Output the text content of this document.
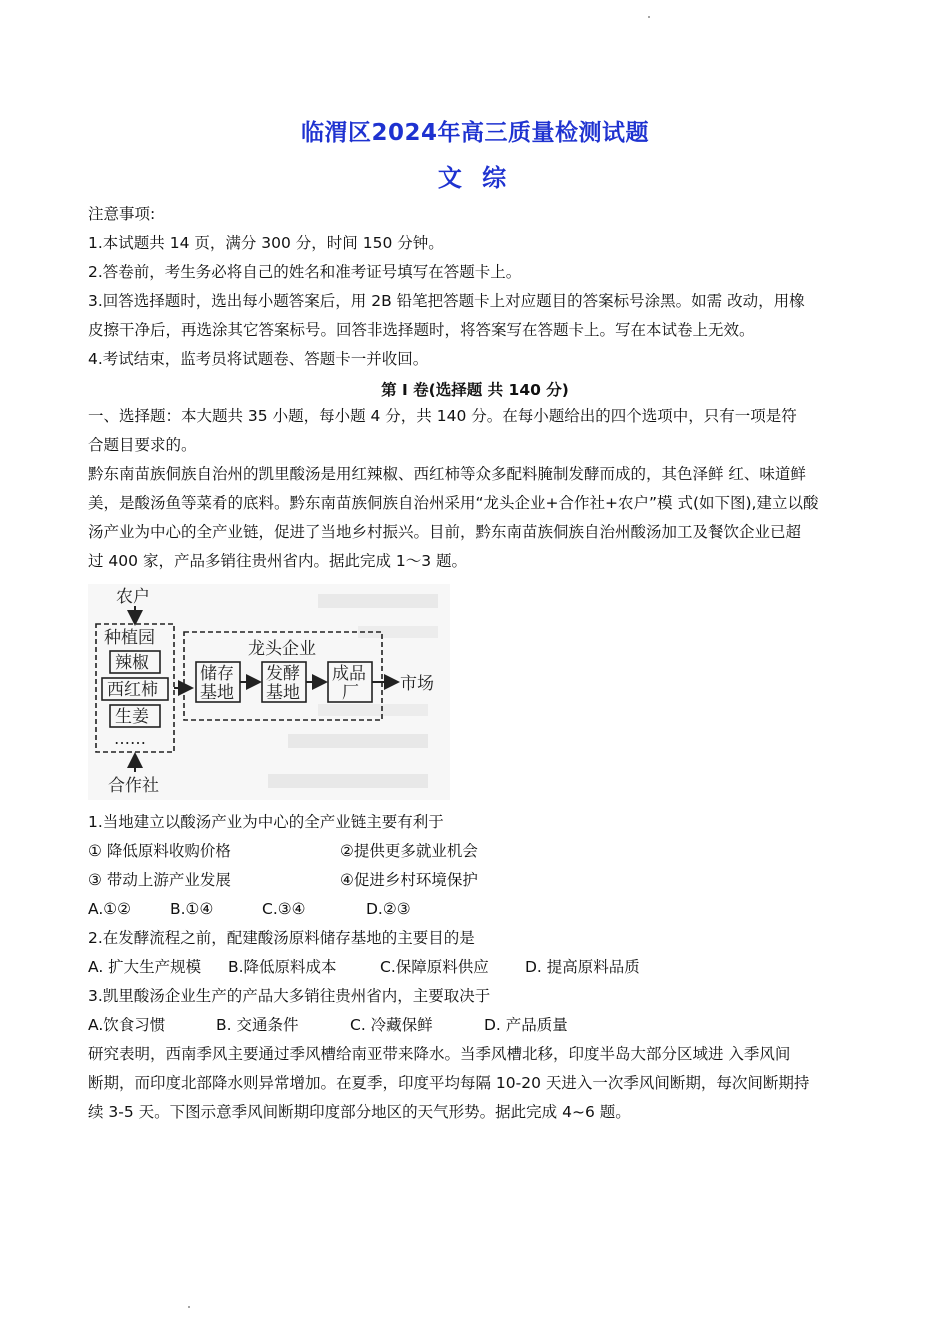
临渭区2024年高三质量检测试题
文 综
注意事项:
1.本试题共 14 页，满分 300 分，时间 150 分钟。
2.答卷前，考生务必将自己的姓名和准考证号填写在答题卡上。
3.回答选择题时，选出每小题答案后，用 2B 铅笔把答题卡上对应题目的答案标号涂黑。如需 改动，用橡
皮擦干净后，再选涂其它答案标号。回答非选择题时，将答案写在答题卡上。写在本试卷上无效。
4.考试结束，监考员将试题卷、答题卡一并收回。
第 Ⅰ 卷(选择题 共 140 分)
一、选择题：本大题共 35 小题，每小题 4 分，共 140 分。在每小题给出的四个选项中，只有一项是符
合题目要求的。
黔东南苗族侗族自治州的凯里酸汤是用红辣椒、西红柿等众多配料腌制发酵而成的，其色泽鲜 红、味道鲜
美，是酸汤鱼等菜肴的底料。黔东南苗族侗族自治州采用“龙头企业+合作社+农户”模 式(如下图),建立以酸
汤产业为中心的全产业链，促进了当地乡村振兴。目前，黔东南苗族侗族自治州酸汤加工及餐饮企业已超
过 400 家，产品多销往贵州省内。据此完成 1～3 题。
农户
种植园
辣椒
西红柿
生姜
……
合作社
龙头企业
储存
基地
发酵
基地
成品
厂 市场
1.当地建立以酸汤产业为中心的全产业链主要有利于
① 降低原料收购价格	②提供更多就业机会
③ 带动上游产业发展	④促进乡村环境保护
A.①②	B.①④	C.③④	D.②③
2.在发酵流程之前，配建酸汤原料储存基地的主要目的是
A. 扩大生产规模 B.降低原料成本	C.保障原料供应 D. 提高原料品质
3.凯里酸汤企业生产的产品大多销往贵州省内，主要取决于
A.饮食习惯	B. 交通条件	C. 冷藏保鲜	D. 产品质量
研究表明，西南季风主要通过季风槽给南亚带来降水。当季风槽北移，印度半岛大部分区域进 入季风间
断期，而印度北部降水则异常增加。在夏季，印度平均每隔 10-20 天进入一次季风间断期，每次间断期持
续 3-5 天。下图示意季风间断期印度部分地区的天气形势。据此完成 4~6 题。
